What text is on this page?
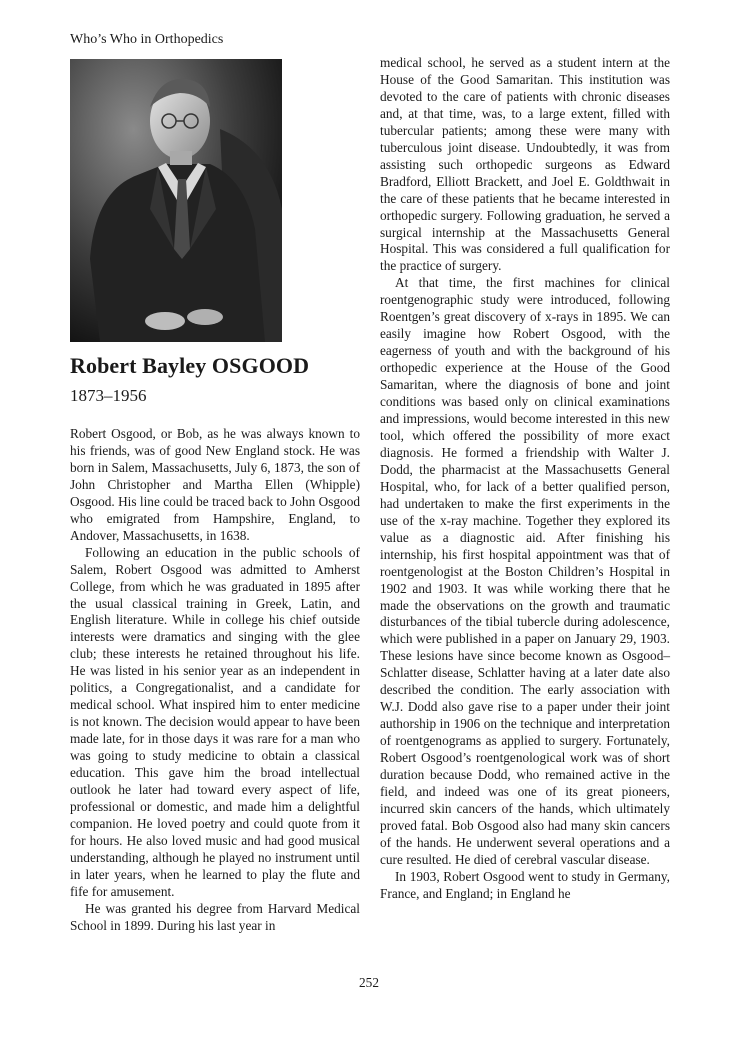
Who’s Who in Orthopedics
Robert Bayley OSGOOD
1873–1956

Robert Osgood, or Bob, as he was always known to his friends, was of good New England stock. He was born in Salem, Massachusetts, July 6, 1873, the son of John Christopher and Martha Ellen (Whipple) Osgood. His line could be traced back to John Osgood who emigrated from Hampshire, England, to Andover, Massachusetts, in 1638.

Following an education in the public schools of Salem, Robert Osgood was admitted to Amherst College, from which he was graduated in 1895 after the usual classical training in Greek, Latin, and English literature. While in college his chief outside interests were dramatics and singing with the glee club; these interests he retained throughout his life. He was listed in his senior year as an independent in politics, a Congregationalist, and a candidate for medical school. What inspired him to enter medicine is not known. The decision would appear to have been made late, for in those days it was rare for a man who was going to study medicine to obtain a classical education. This gave him the broad intellectual outlook he later had toward every aspect of life, professional or domestic, and made him a delightful companion. He loved poetry and could quote from it for hours. He also loved music and had good musical understanding, although he played no instrument until in later years, when he learned to play the flute and fife for amusement.

He was granted his degree from Harvard Medical School in 1899. During his last year in

medical school, he served as a student intern at the House of the Good Samaritan. This institution was devoted to the care of patients with chronic diseases and, at that time, was, to a large extent, filled with tubercular patients; among these were many with tuberculous joint disease. Undoubtedly, it was from assisting such orthopedic surgeons as Edward Bradford, Elliott Brackett, and Joel E. Goldthwait in the care of these patients that he became interested in orthopedic surgery. Following graduation, he served a surgical internship at the Massachusetts General Hospital. This was considered a full qualification for the practice of surgery.

At that time, the first machines for clinical roentgenographic study were introduced, following Roentgen’s great discovery of x-rays in 1895. We can easily imagine how Robert Osgood, with the eagerness of youth and with the background of his orthopedic experience at the House of the Good Samaritan, where the diagnosis of bone and joint conditions was based only on clinical examinations and impressions, would become interested in this new tool, which offered the possibility of more exact diagnosis. He formed a friendship with Walter J. Dodd, the pharmacist at the Massachusetts General Hospital, who, for lack of a better qualified person, had undertaken to make the first experiments in the use of the x-ray machine. Together they explored its value as a diagnostic aid. After finishing his internship, his first hospital appointment was that of roentgenologist at the Boston Children’s Hospital in 1902 and 1903. It was while working there that he made the observations on the growth and traumatic disturbances of the tibial tubercle during adolescence, which were published in a paper on January 29, 1903. These lesions have since become known as Osgood–Schlatter disease, Schlatter having at a later date also described the condition. The early association with W.J. Dodd also gave rise to a paper under their joint authorship in 1906 on the technique and interpretation of roentgenograms as applied to surgery. Fortunately, Robert Osgood’s roentgenological work was of short duration because Dodd, who remained active in the field, and indeed was one of its great pioneers, incurred skin cancers of the hands, which ultimately proved fatal. Bob Osgood also had many skin cancers of the hands. He underwent several operations and a cure resulted. He died of cerebral vascular disease.

In 1903, Robert Osgood went to study in Germany, France, and England; in England he

252
